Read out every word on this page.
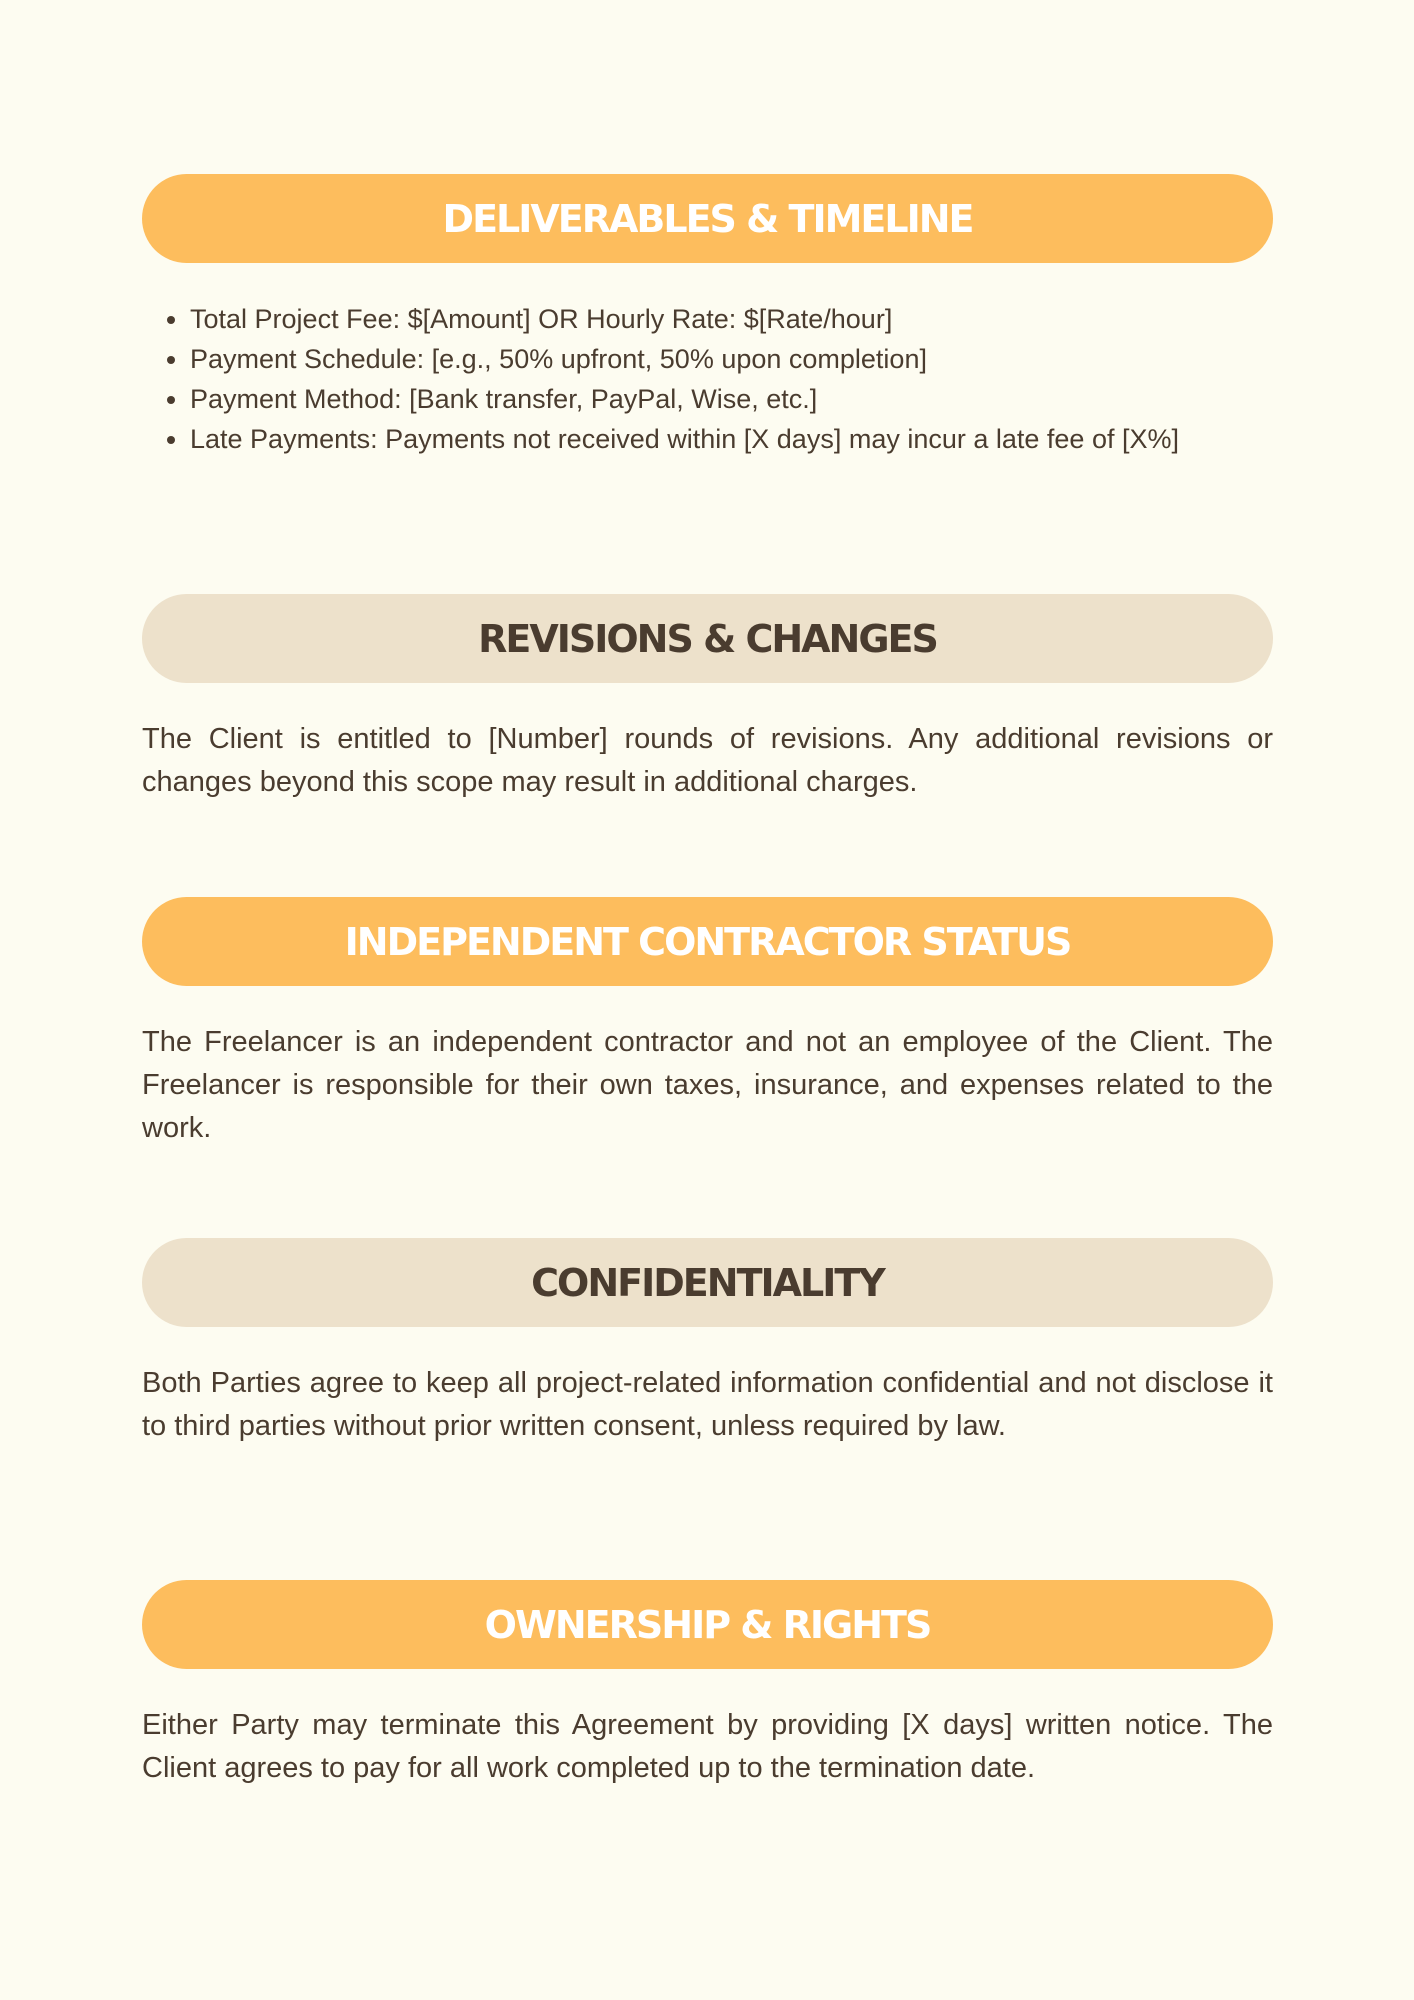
DELIVERABLES & TIMELINE
• Total Project Fee: $[Amount] OR Hourly Rate: $[Rate/hour]
• Payment Schedule: [e.g., 50% upfront, 50% upon completion]
• Payment Method: [Bank transfer, PayPal, Wise, etc.]
• Late Payments: Payments not received within [X days] may incur a late fee of [X%]
REVISIONS & CHANGES

The Client is entitled to [Number] rounds of revisions. Any additional revisions or changes beyond this scope may result in additional charges.

INDEPENDENT CONTRACTOR STATUS

The Freelancer is an independent contractor and not an employee of the Client. The Freelancer is responsible for their own taxes, insurance, and expenses related to the work.

CONFIDENTIALITY

Both Parties agree to keep all project-related information confidential and not disclose it to third parties without prior written consent, unless required by law.

OWNERSHIP & RIGHTS

Either Party may terminate this Agreement by providing [X days] written notice. The Client agrees to pay for all work completed up to the termination date.
